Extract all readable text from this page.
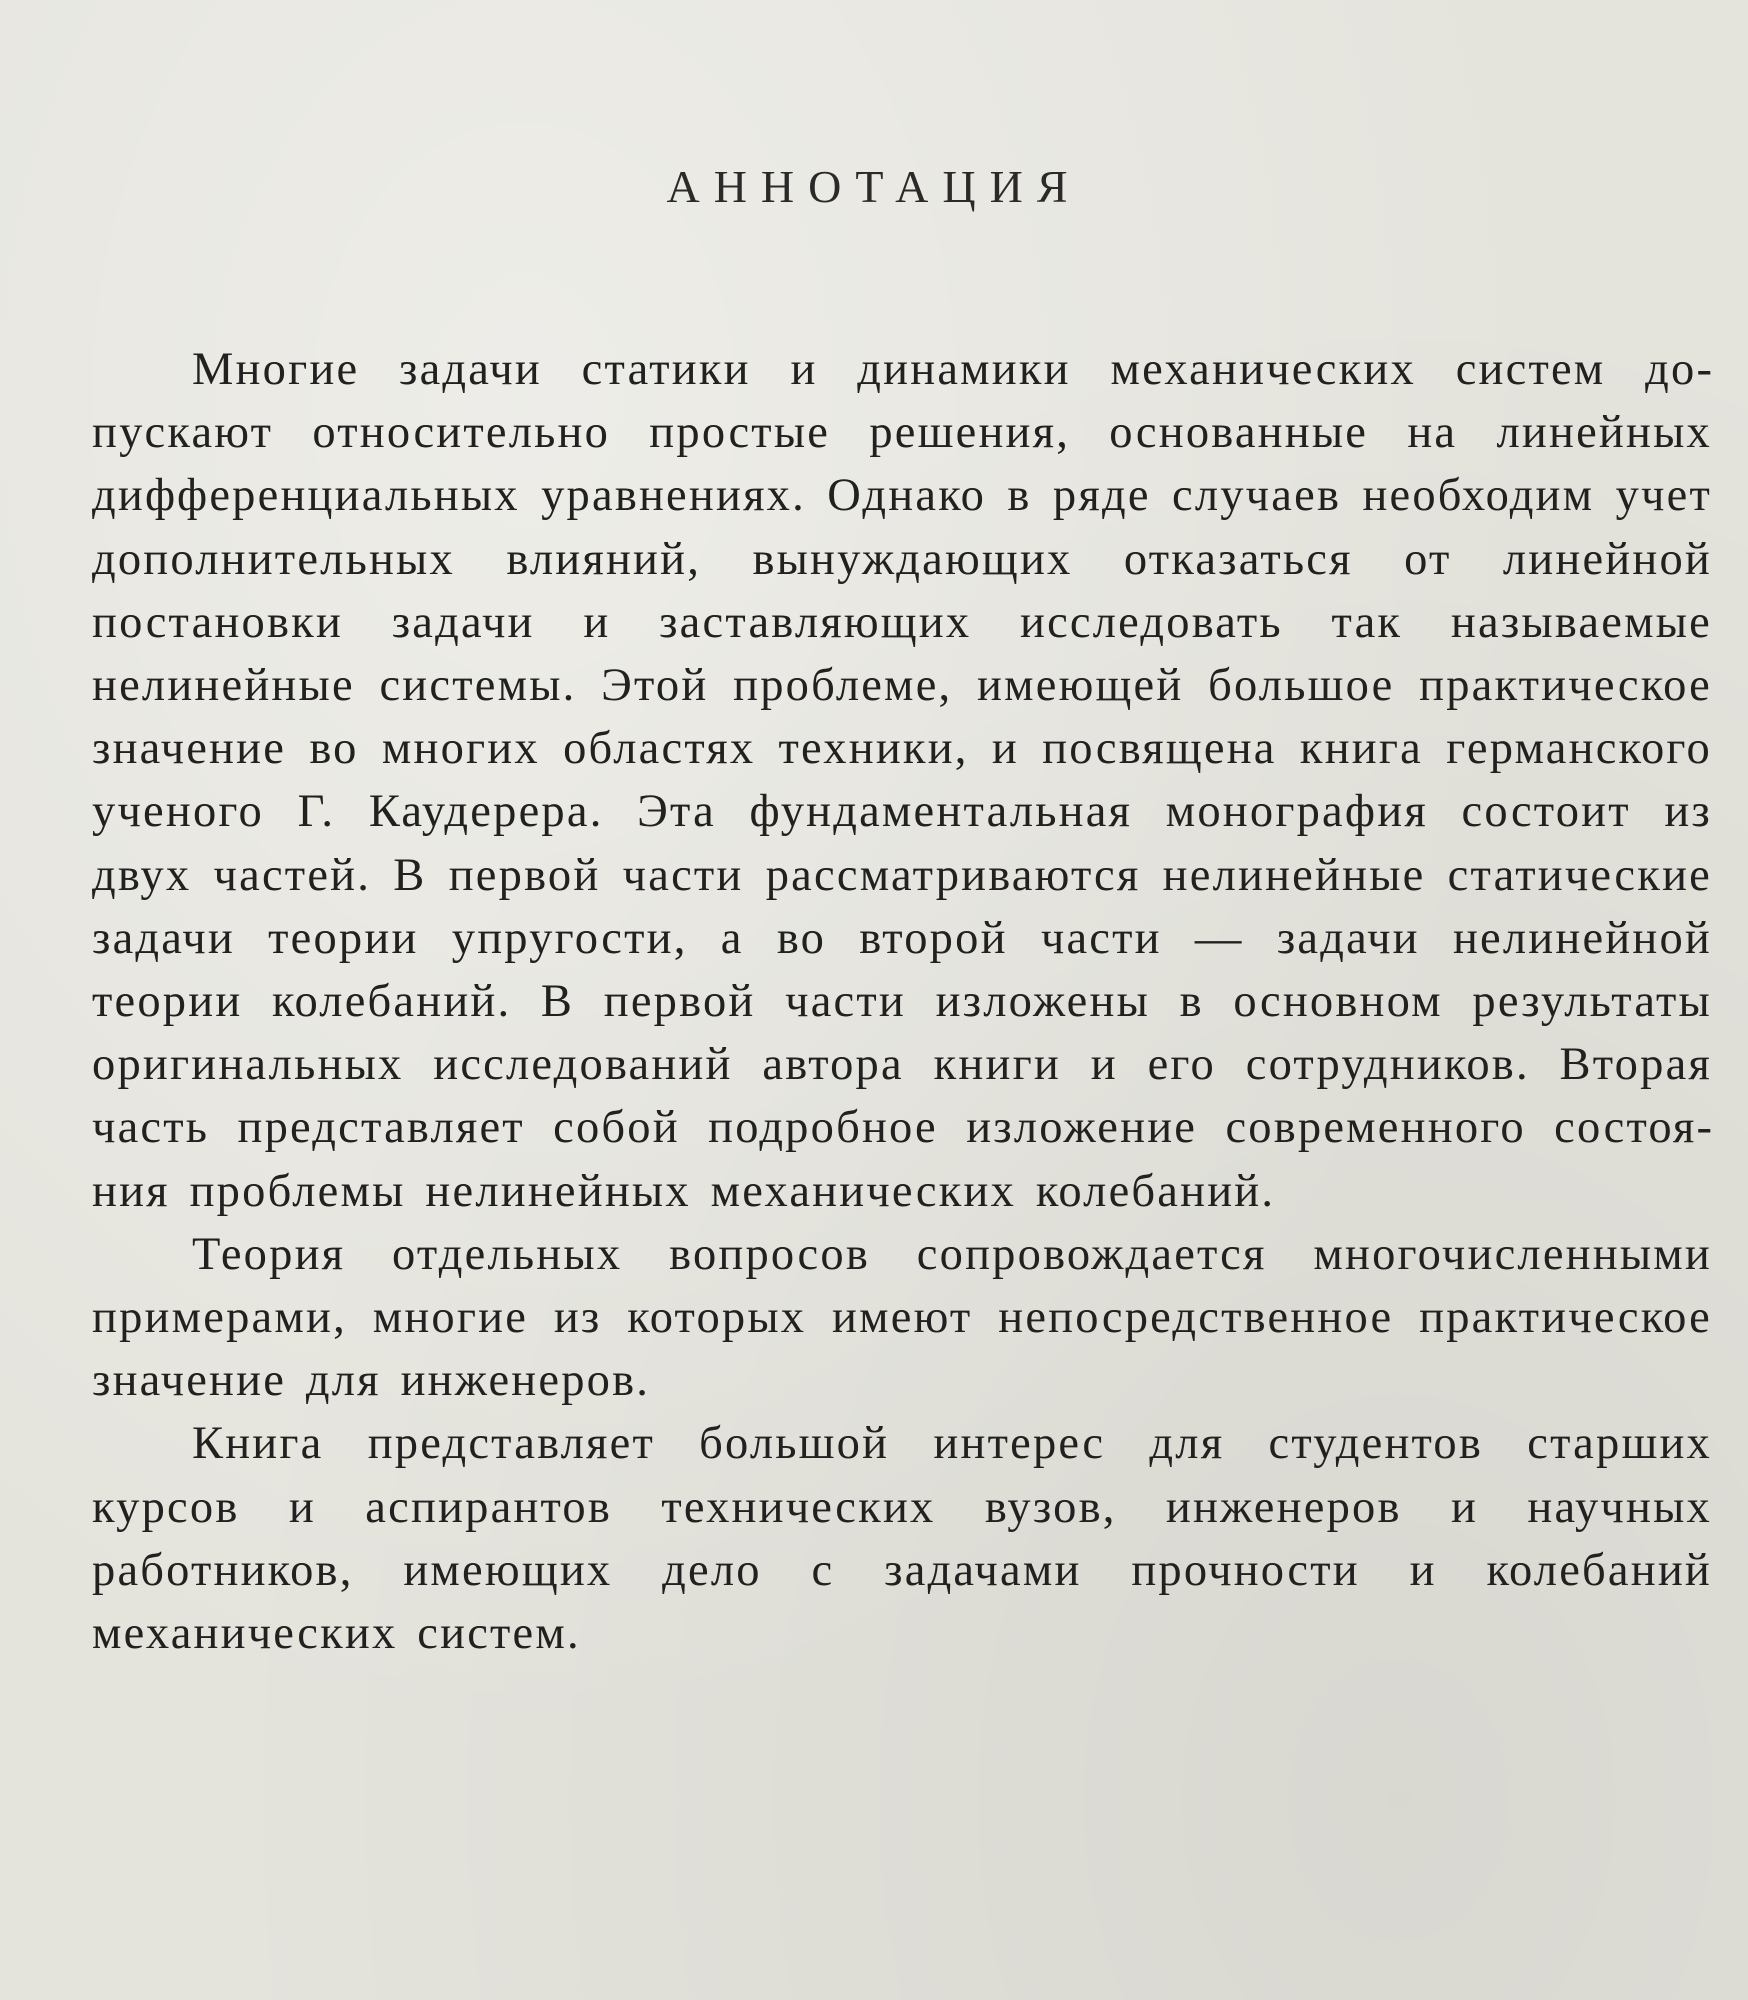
АННОТАЦИЯ

Многие задачи статики и динамики механических систем допускают относительно простые решения, основанные на линейных дифференциальных уравнениях. Однако в ряде случаев необходим учет дополнительных влияний, вынуждающих отказаться от линейной постановки задачи и заставляющих исследовать так называемые нелинейные системы. Этой проблеме, имеющей большое практическое значение во многих областях техники, и посвящена книга германского ученого Г. Каудерера. Эта фундаментальная монография состоит из двух частей. В первой части рассматриваются нелинейные статические задачи теории упругости, а во второй части — задачи нелинейной теории колебаний. В первой части изложены в основном результаты оригинальных исследований автора книги и его сотрудников. Вторая часть представляет собой подробное изложение современного состояния проблемы нелинейных механических колебаний.

Теория отдельных вопросов сопровождается многочисленными примерами, многие из которых имеют непосредственное практическое значение для инженеров.

Книга представляет большой интерес для студентов старших курсов и аспирантов технических вузов, инженеров и научных работников, имеющих дело с задачами прочности и колебаний механических систем.
